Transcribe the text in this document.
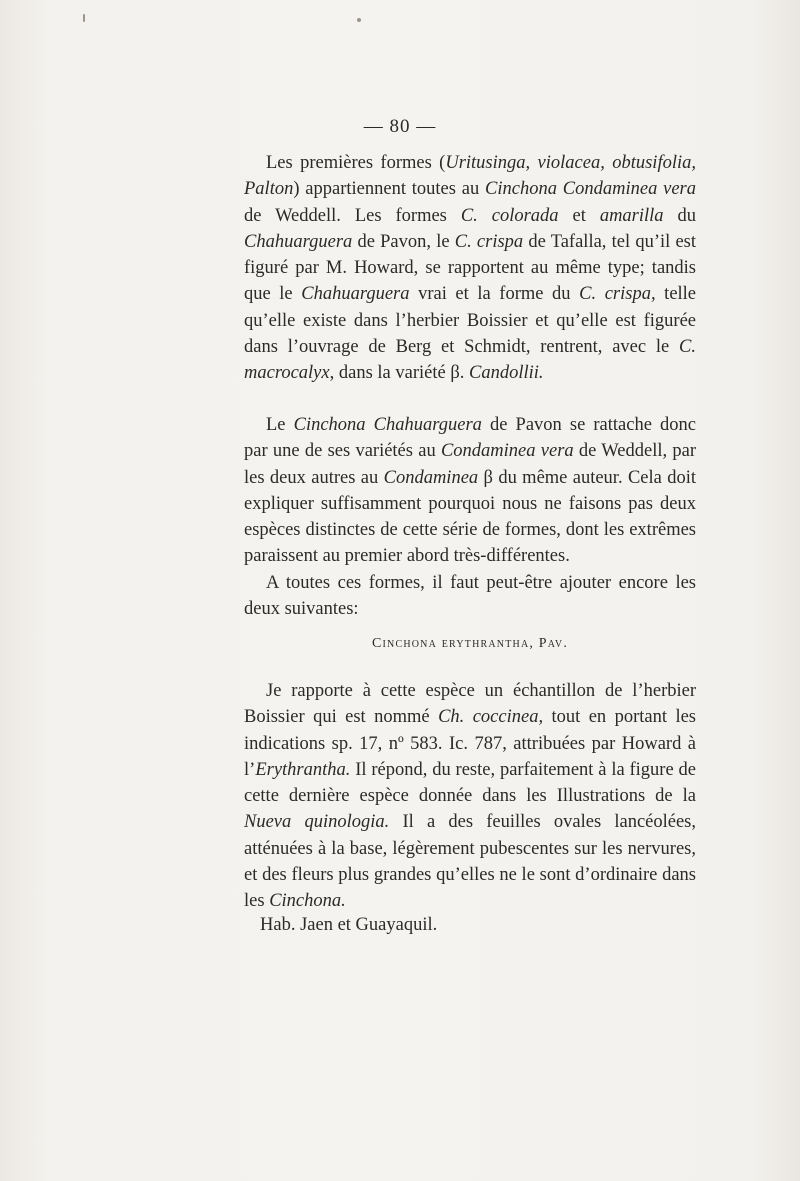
— 80 —

Les premières formes (Uritusinga, violacea, obtusifolia, Palton) appartiennent toutes au Cinchona Condaminea vera de Weddell. Les formes C. colorada et amarilla du Chahuarguera de Pavon, le C. crispa de Tafalla, tel qu’il est figuré par M. Howard, se rapportent au même type; tandis que le Chahuarguera vrai et la forme du C. crispa, telle qu’elle existe dans l’herbier Boissier et qu’elle est figurée dans l’ouvrage de Berg et Schmidt, rentrent, avec le C. macrocalyx, dans la variété β. Candollii.

Le Cinchona Chahuarguera de Pavon se rattache donc par une de ses variétés au Condaminea vera de Weddell, par les deux autres au Condaminea β du même auteur. Cela doit expliquer suffisamment pourquoi nous ne faisons pas deux espèces distinctes de cette série de formes, dont les extrêmes paraissent au premier abord très-différentes.

A toutes ces formes, il faut peut-être ajouter encore les deux suivantes:

Cinchona erythrantha, Pav.

Je rapporte à cette espèce un échantillon de l’herbier Boissier qui est nommé Ch. coccinea, tout en portant les indications sp. 17, nº 583. Ic. 787, attribuées par Howard à l’Erythrantha. Il répond, du reste, parfaitement à la figure de cette dernière espèce donnée dans les Illustrations de la Nueva quinologia. Il a des feuilles ovales lancéolées, atténuées à la base, légèrement pubescentes sur les nervures, et des fleurs plus grandes qu’elles ne le sont d’ordinaire dans les Cinchona.

Hab. Jaen et Guayaquil.
